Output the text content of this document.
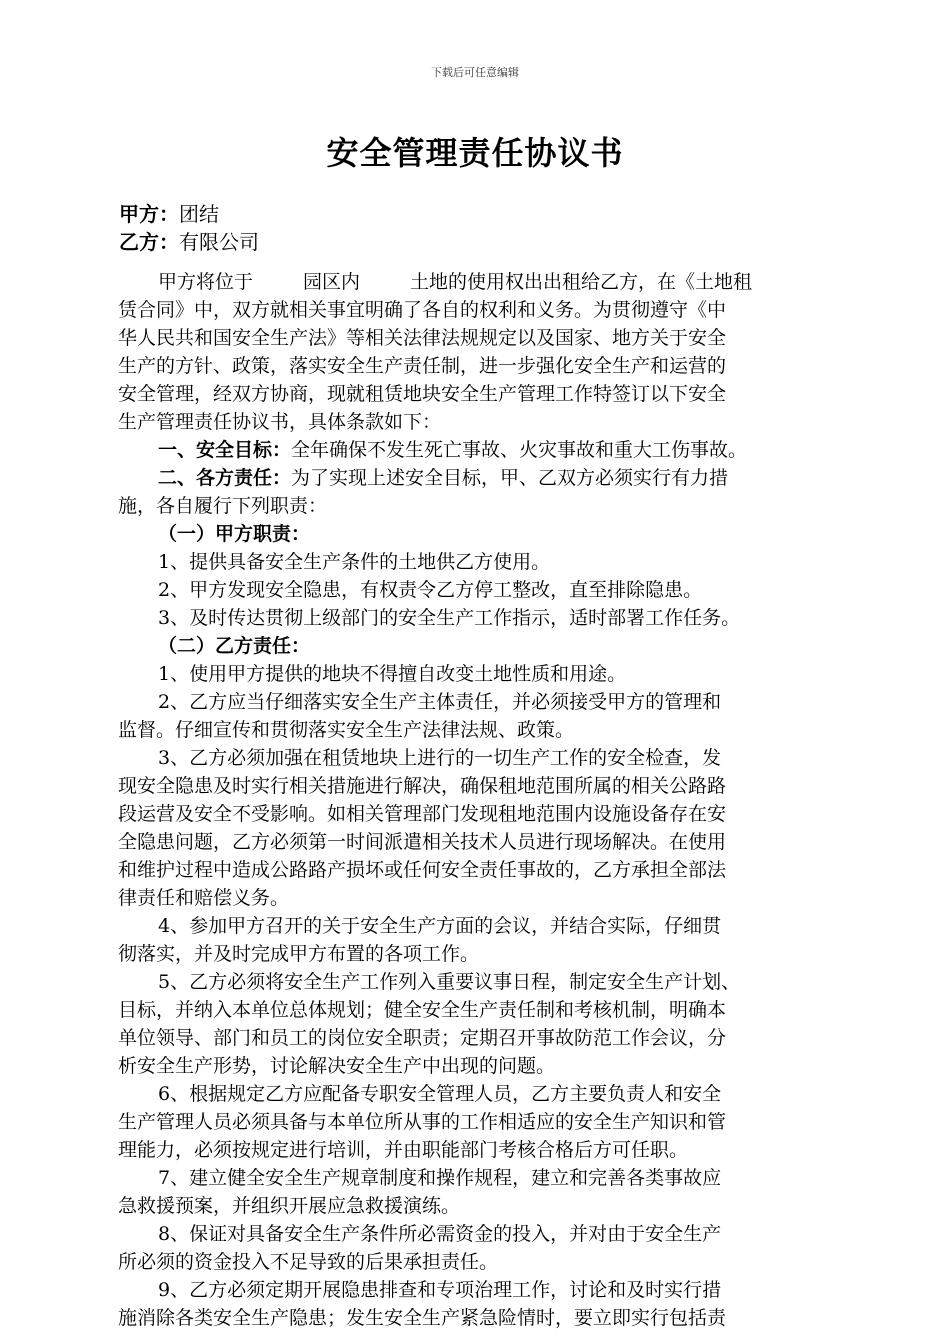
下载后可任意编辑
安全管理责任协议书
甲方：团结
乙方：有限公司

甲方将位于	园区内	土地的使用权出出租给乙方，在《土地租
赁合同》中，双方就相关事宜明确了各自的权利和义务。为贯彻遵守《中
华人民共和国安全生产法》等相关法律法规规定以及国家、地方关于安全
生产的方针、政策，落实安全生产责任制，进一步强化安全生产和运营的
安全管理，经双方协商，现就租赁地块安全生产管理工作特签订以下安全
生产管理责任协议书，具体条款如下：

一、安全目标：全年确保不发生死亡事故、火灾事故和重大工伤事故。

二、各方责任：为了实现上述安全目标，甲、乙双方必须实行有力措
施，各自履行下列职责：

（一）甲方职责：
1、提供具备安全生产条件的土地供乙方使用。
2、甲方发现安全隐患，有权责令乙方停工整改，直至排除隐患。
3、及时传达贯彻上级部门的安全生产工作指示，适时部署工作任务。

（二）乙方责任：
1、使用甲方提供的地块不得擅自改变土地性质和用途。
2、乙方应当仔细落实安全生产主体责任，并必须接受甲方的管理和
监督。仔细宣传和贯彻落实安全生产法律法规、政策。
3、乙方必须加强在租赁地块上进行的一切生产工作的安全检查，发
现安全隐患及时实行相关措施进行解决，确保租地范围所属的相关公路路
段运营及安全不受影响。如相关管理部门发现租地范围内设施设备存在安
全隐患问题，乙方必须第一时间派遣相关技术人员进行现场解决。在使用
和维护过程中造成公路路产损坏或任何安全责任事故的，乙方承担全部法
律责任和赔偿义务。
4、参加甲方召开的关于安全生产方面的会议，并结合实际，仔细贯
彻落实，并及时完成甲方布置的各项工作。
5、乙方必须将安全生产工作列入重要议事日程，制定安全生产计划、
目标，并纳入本单位总体规划；健全安全生产责任制和考核机制，明确本
单位领导、部门和员工的岗位安全职责；定期召开事故防范工作会议，分
析安全生产形势，讨论解决安全生产中出现的问题。
6、根据规定乙方应配备专职安全管理人员，乙方主要负责人和安全
生产管理人员必须具备与本单位所从事的工作相适应的安全生产知识和管
理能力，必须按规定进行培训，并由职能部门考核合格后方可任职。
7、建立健全安全生产规章制度和操作规程，建立和完善各类事故应
急救援预案，并组织开展应急救援演练。
8、保证对具备安全生产条件所必需资金的投入，并对由于安全生产
所必须的资金投入不足导致的后果承担责任。
9、乙方必须定期开展隐患排查和专项治理工作，讨论和及时实行措
施消除各类安全生产隐患；发生安全生产紧急险情时，要立即实行包括责
